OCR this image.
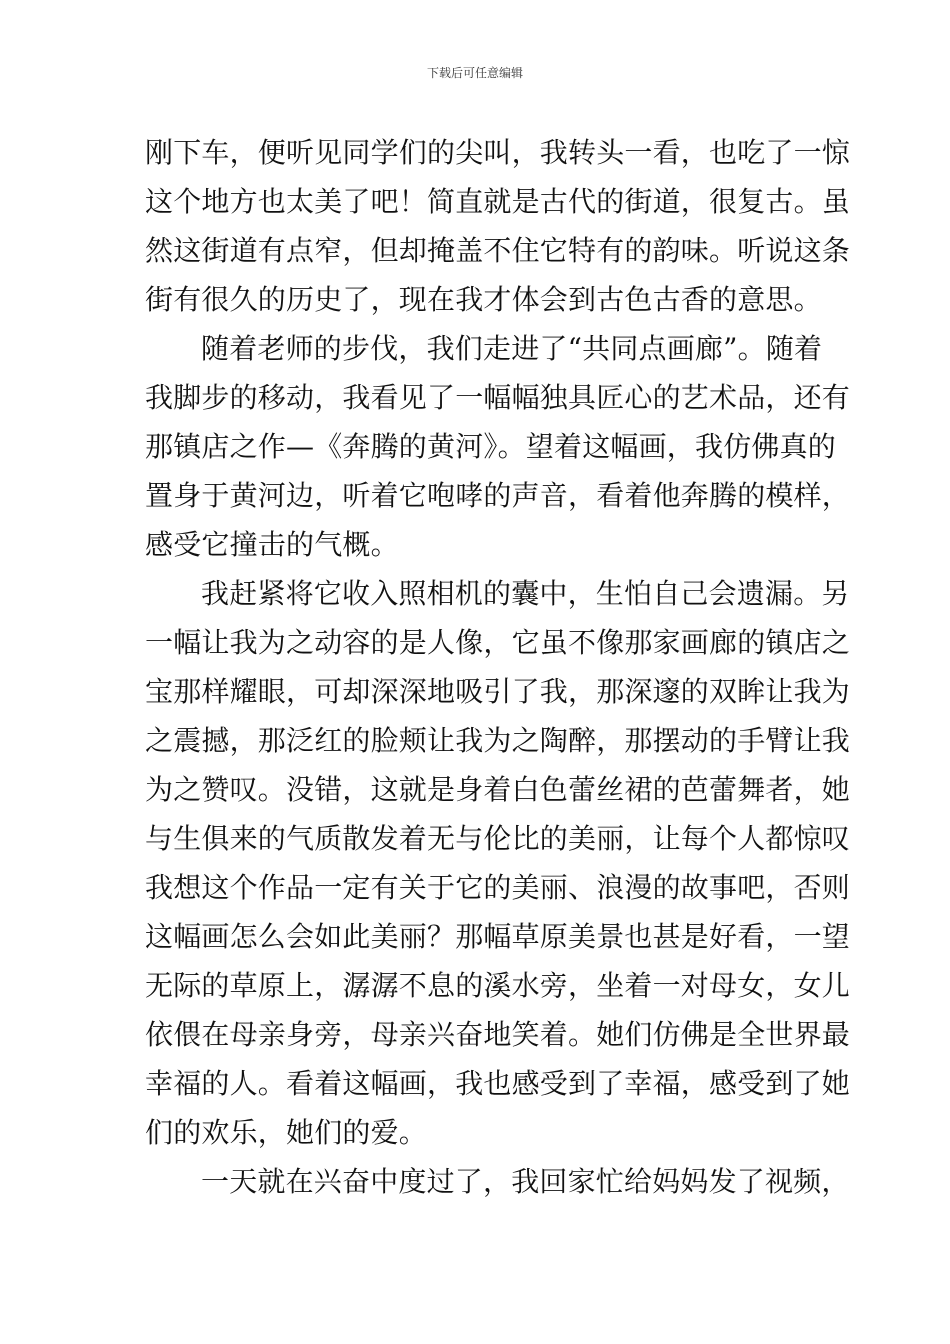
下载后可任意编辑
刚下车，便听见同学们的尖叫，我转头一看，也吃了一惊
这个地方也太美了吧！简直就是古代的街道，很复古。虽
然这街道有点窄，但却掩盖不住它特有的韵味。听说这条
街有很久的历史了，现在我才体会到古色古香的意思。
随着老师的步伐，我们走进了“共同点画廊”。随着
我脚步的移动，我看见了一幅幅独具匠心的艺术品，还有
那镇店之作—《奔腾的黄河》。望着这幅画，我仿佛真的
置身于黄河边，听着它咆哮的声音，看着他奔腾的模样，
感受它撞击的气概。
我赶紧将它收入照相机的囊中，生怕自己会遗漏。另
一幅让我为之动容的是人像，它虽不像那家画廊的镇店之
宝那样耀眼，可却深深地吸引了我，那深邃的双眸让我为
之震撼，那泛红的脸颊让我为之陶醉，那摆动的手臂让我
为之赞叹。没错，这就是身着白色蕾丝裙的芭蕾舞者，她
与生俱来的气质散发着无与伦比的美丽，让每个人都惊叹
我想这个作品一定有关于它的美丽、浪漫的故事吧，否则
这幅画怎么会如此美丽？那幅草原美景也甚是好看，一望
无际的草原上，潺潺不息的溪水旁，坐着一对母女，女儿
依偎在母亲身旁，母亲兴奋地笑着。她们仿佛是全世界最
幸福的人。看着这幅画，我也感受到了幸福，感受到了她
们的欢乐，她们的爱。
一天就在兴奋中度过了，我回家忙给妈妈发了视频，
